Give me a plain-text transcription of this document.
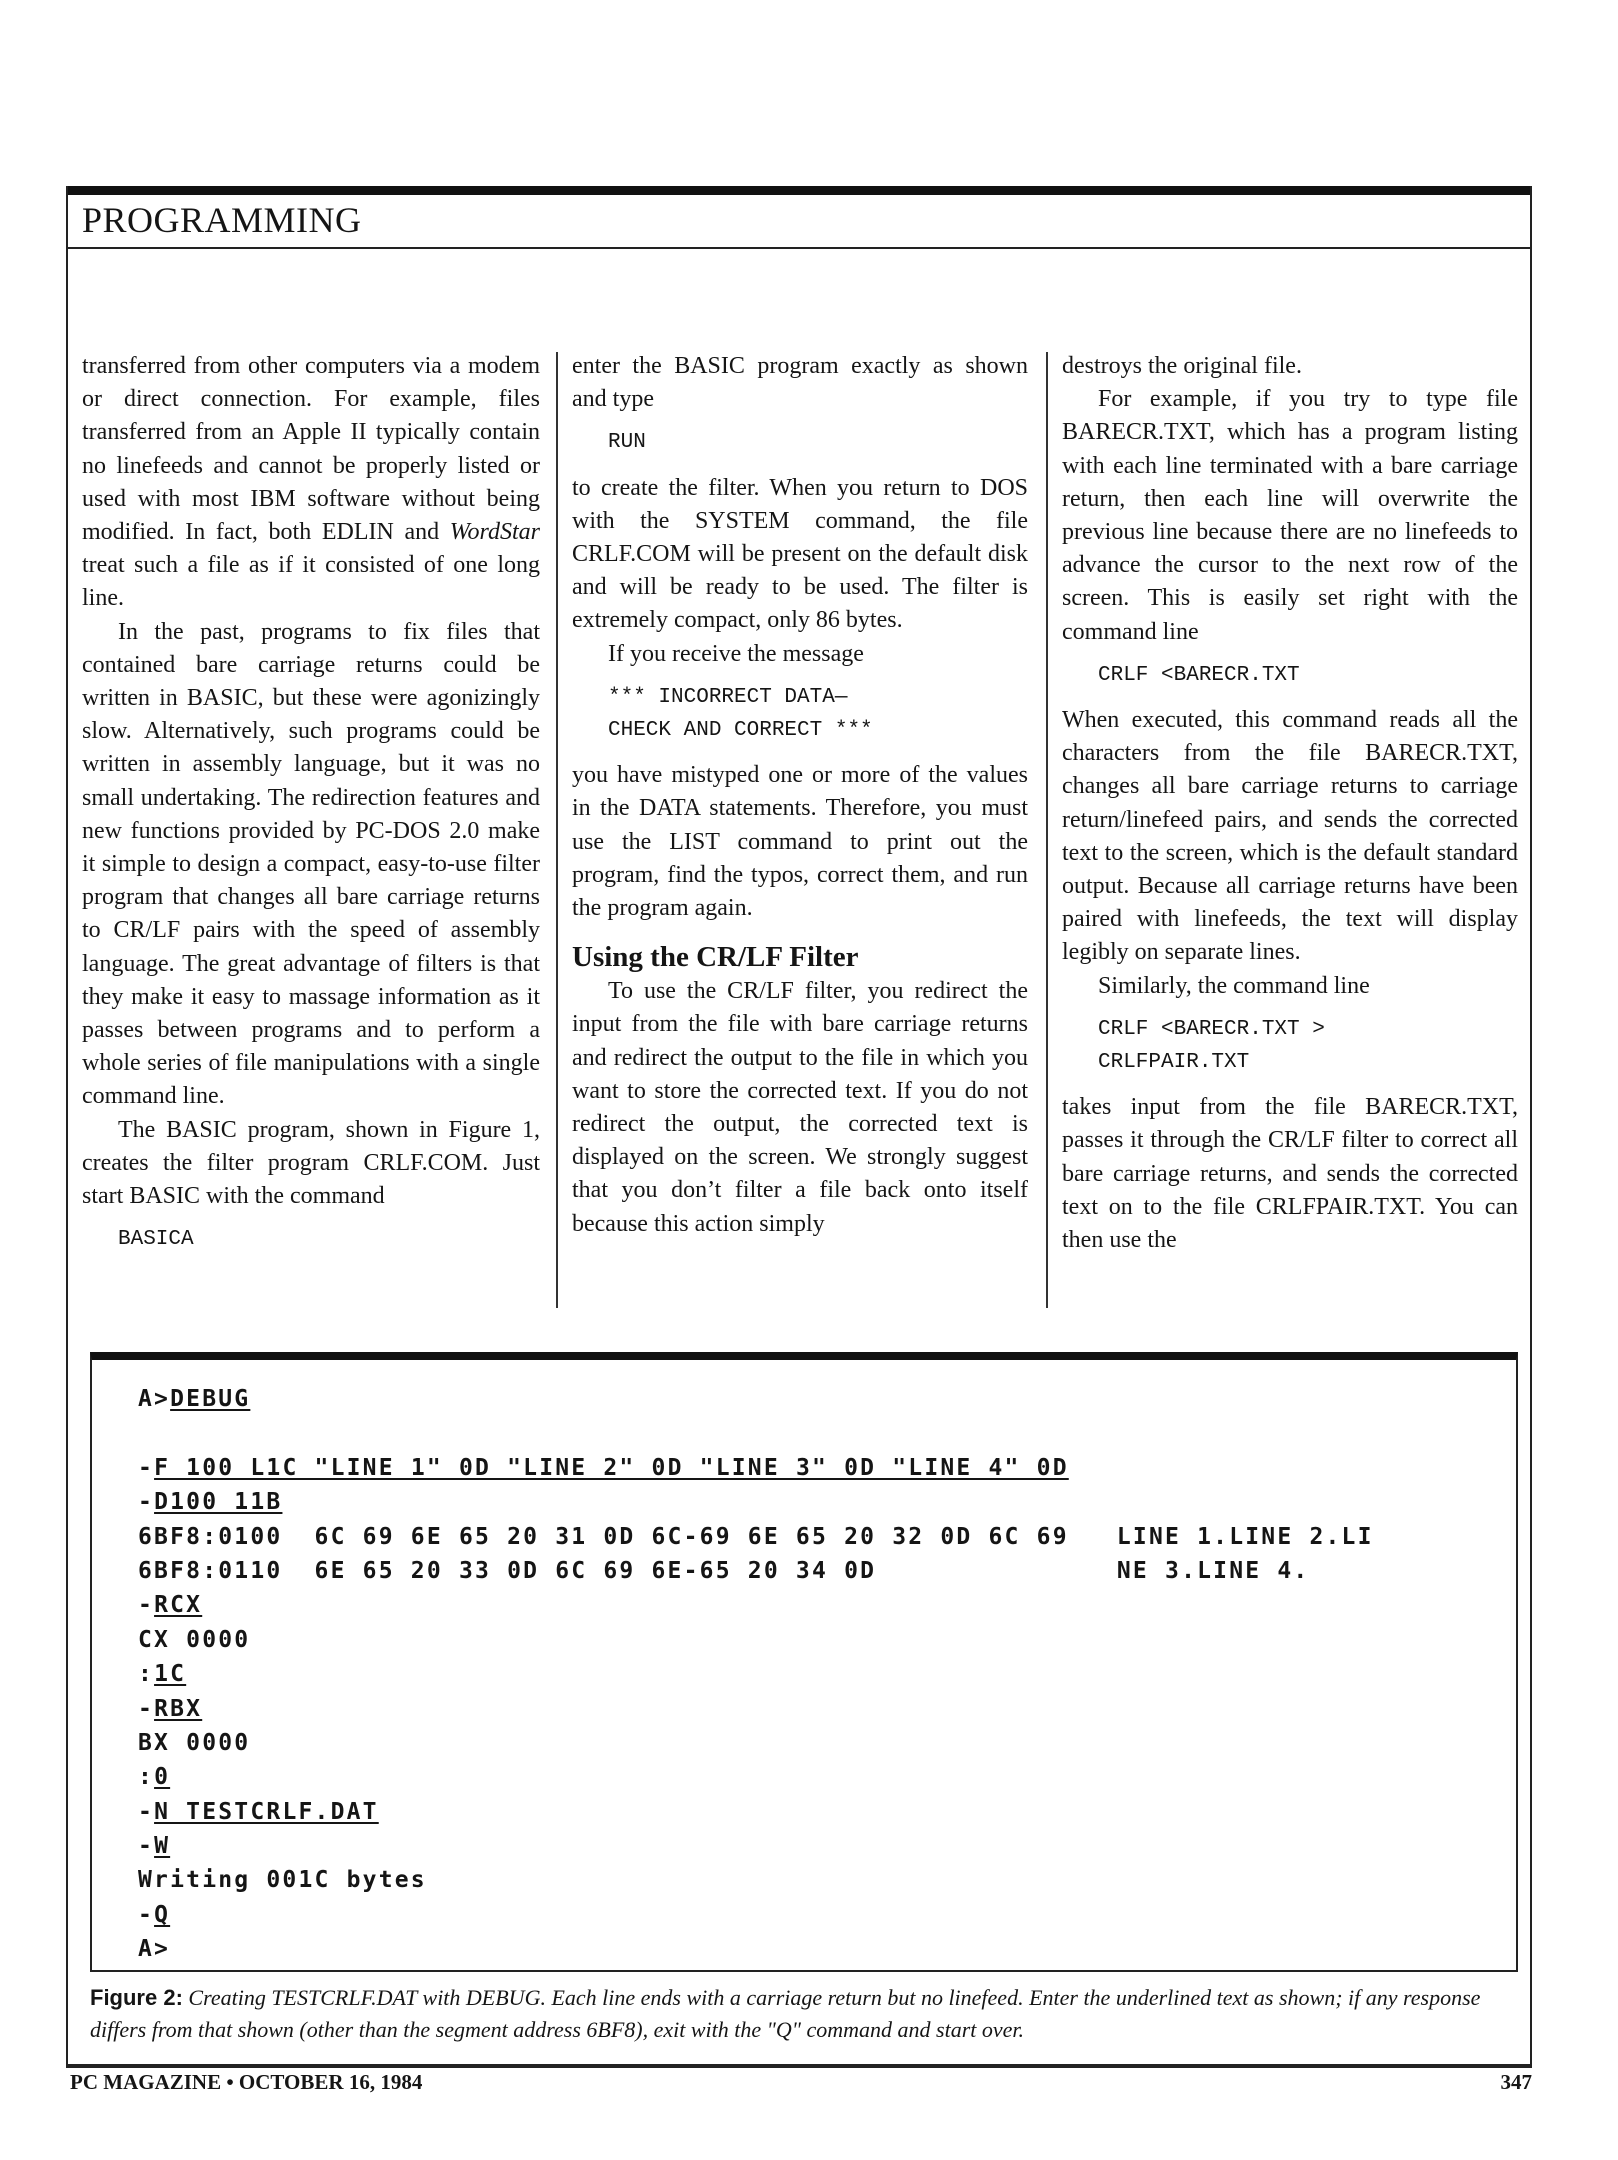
PROGRAMMING

transferred from other computers via a modem or direct connection. For example, files transferred from an Apple II typically contain no linefeeds and cannot be properly listed or used with most IBM software without being modified. In fact, both EDLIN and WordStar treat such a file as if it consisted of one long line.

In the past, programs to fix files that contained bare carriage returns could be written in BASIC, but these were agonizingly slow. Alternatively, such programs could be written in assembly language, but it was no small undertaking. The redirection features and new functions provided by PC-DOS 2.0 make it simple to design a compact, easy-to-use filter program that changes all bare carriage returns to CR/LF pairs with the speed of assembly language. The great advantage of filters is that they make it easy to massage information as it passes between programs and to perform a whole series of file manipulations with a single command line.

The BASIC program, shown in Figure 1, creates the filter program CRLF.COM. Just start BASIC with the command

BASICA

enter the BASIC program exactly as shown and type

RUN

to create the filter. When you return to DOS with the SYSTEM command, the file CRLF.COM will be present on the default disk and will be ready to be used. The filter is extremely compact, only 86 bytes.

If you receive the message

*** INCORRECT DATA—
CHECK AND CORRECT ***

you have mistyped one or more of the values in the DATA statements. Therefore, you must use the LIST command to print out the program, find the typos, correct them, and run the program again.

Using the CR/LF Filter

To use the CR/LF filter, you redirect the input from the file with bare carriage returns and redirect the output to the file in which you want to store the corrected text. If you do not redirect the output, the corrected text is displayed on the screen. We strongly suggest that you don’t filter a file back onto itself because this action simply

destroys the original file.

For example, if you try to type file BARECR.TXT, which has a program listing with each line terminated with a bare carriage return, then each line will overwrite the previous line because there are no linefeeds to advance the cursor to the next row of the screen. This is easily set right with the command line

CRLF <BARECR.TXT

When executed, this command reads all the characters from the file BARECR.TXT, changes all bare carriage returns to carriage return/linefeed pairs, and sends the corrected text to the screen, which is the default standard output. Because all carriage returns have been paired with linefeeds, the text will display legibly on separate lines.

Similarly, the command line

CRLF <BARECR.TXT >
CRLFPAIR.TXT

takes input from the file BARECR.TXT, passes it through the CR/LF filter to correct all bare carriage returns, and sends the corrected text on to the file CRLFPAIR.TXT. You can then use the

A>DEBUG
-F 100 L1C "LINE 1" 0D "LINE 2" 0D "LINE 3" 0D "LINE 4" 0D
-D100 11B
6BF8:0100  6C 69 6E 65 20 31 0D 6C-69 6E 65 20 32 0D 6C 69   LINE 1.LINE 2.LI
6BF8:0110  6E 65 20 33 0D 6C 69 6E-65 20 34 0D               NE 3.LINE 4.
-RCX
CX 0000
:1C
-RBX
BX 0000
:0
-N TESTCRLF.DAT
-W
Writing 001C bytes
-Q
A>
Figure 2: Creating TESTCRLF.DAT with DEBUG. Each line ends with a carriage return but no linefeed. Enter the underlined text as shown; if any response differs from that shown (other than the segment address 6BF8), exit with the "Q" command and start over.
PC MAGAZINE • OCTOBER 16, 1984	347
